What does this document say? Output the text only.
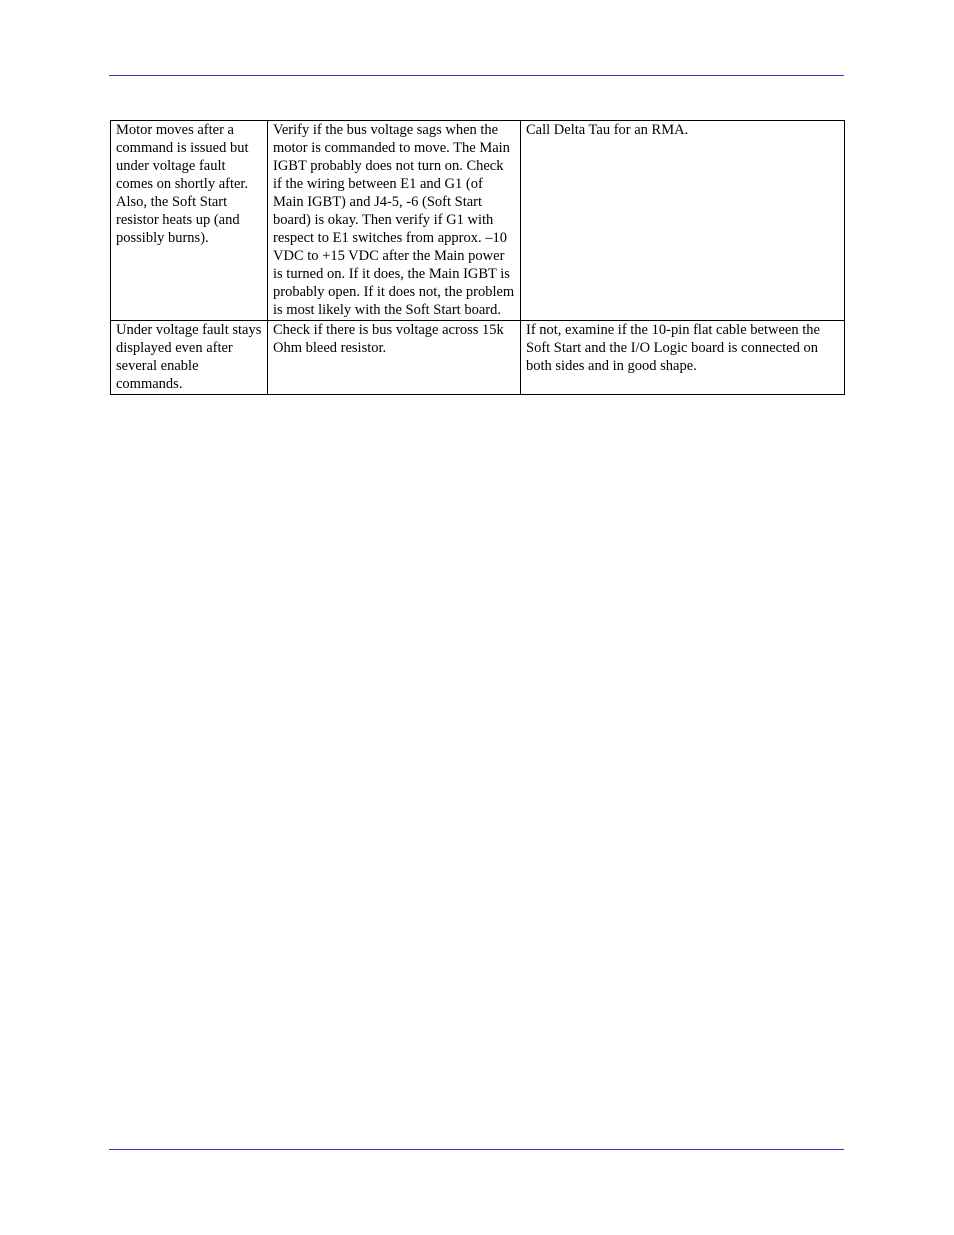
Motor moves after a command is issued but under voltage fault comes on shortly after. Also, the Soft Start resistor heats up (and possibly burns).	Verify if the bus voltage sags when the motor is commanded to move. The Main IGBT probably does not turn on. Check if the wiring between E1 and G1 (of Main IGBT) and J4-5, -6 (Soft Start board) is okay. Then verify if G1 with respect to E1 switches from approx. –10 VDC to +15 VDC after the Main power is turned on. If it does, the Main IGBT is probably open. If it does not, the problem is most likely with the Soft Start board.	Call Delta Tau for an RMA.
Under voltage fault stays displayed even after several enable commands.	Check if there is bus voltage across 15k Ohm bleed resistor.	If not, examine if the 10-pin flat cable between the Soft Start and the I/O Logic board is connected on both sides and in good shape.
